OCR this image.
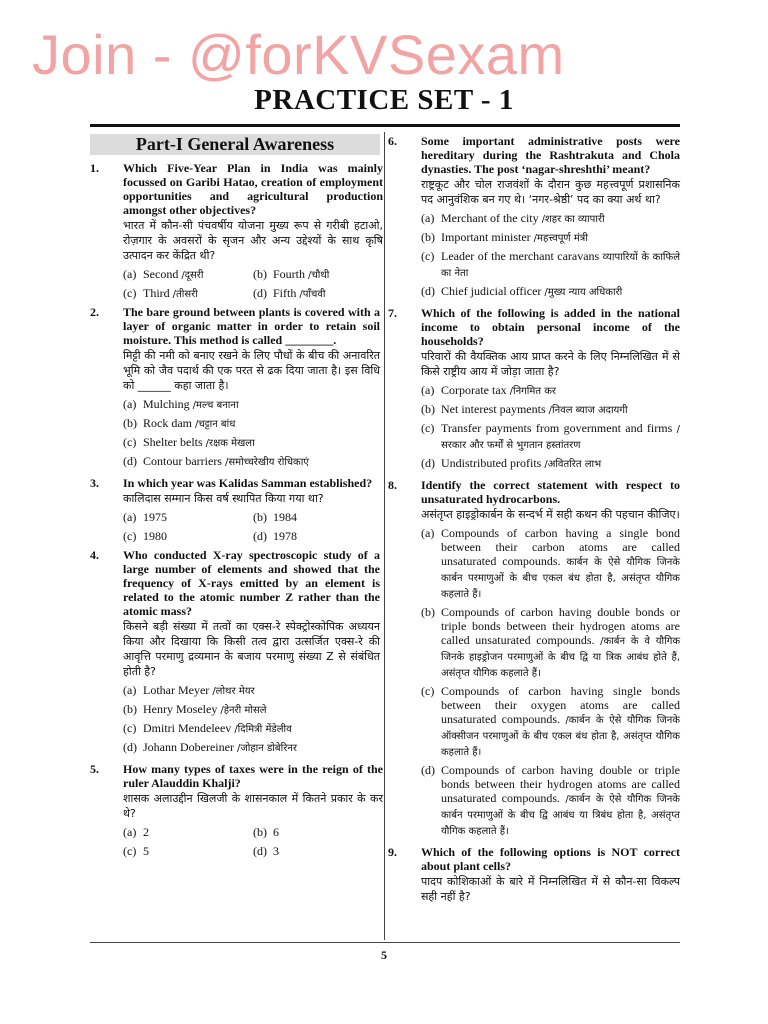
Join - @forKVSexam
PRACTICE SET - 1
Part-I General Awareness
1.	Which Five-Year Plan in India was mainly focussed on Garibi Hatao, creation of employment opportunities and agricultural production amongst other objectives?
भारत में कौन-सी पंचवर्षीय योजना मुख्य रूप से गरीबी हटाओ, रोज़गार के अवसरों के सृजन और अन्य उद्देश्यों के साथ कृषि उत्पादन कर केंद्रित थी?
(a) Second /दूसरी	(b) Fourth /चौथी
(c) Third /तीसरी	(d) Fifth /पाँचवी
2.	The bare ground between plants is covered with a layer of organic matter in order to retain soil moisture. This method is called ________.
मिट्टी की नमी को बनाए रखने के लिए पौधों के बीच की अनावरित भूमि को जैव पदार्थ की एक परत से ढक दिया जाता है। इस विधि को ______ कहा जाता है।
(a) Mulching /मल्च बनाना
(b) Rock dam /चट्टान बांध
(c) Shelter belts /रक्षक मेखला
(d) Contour barriers /समोच्चरेखीय रोधिकाएं
3.	In which year was Kalidas Samman established?
कालिदास सम्मान किस वर्ष स्थापित किया गया था?
(a) 1975	(b) 1984
(c) 1980	(d) 1978
4.	Who conducted X-ray spectroscopic study of a large number of elements and showed that the frequency of X-rays emitted by an element is related to the atomic number Z rather than the atomic mass?
किसने बड़ी संख्या में तत्वों का एक्स-रे स्पेक्ट्रोस्कोपिक अध्ययन किया और दिखाया कि किसी तत्व द्वारा उत्सर्जित एक्स-रे की आवृत्ति परमाणु द्रव्यमान के बजाय परमाणु संख्या Z से संबंधित होती है?
(a) Lothar Meyer /लोथर मेयर
(b) Henry Moseley /हेनरी मोसले
(c) Dmitri Mendeleev /दिमित्री मेंडेलीव
(d) Johann Dobereiner /जोहान डोबेरिनर
5.	How many types of taxes were in the reign of the ruler Alauddin Khalji?
शासक अलाउद्दीन खिलजी के शासनकाल में कितने प्रकार के कर थे?
(a) 2	(b) 6
(c) 5	(d) 3
6.	Some important administrative posts were hereditary during the Rashtrakuta and Chola dynasties. The post ‘nagar-shreshthi’ meant?
राष्ट्रकूट और चोल राजवंशों के दौरान कुछ महत्त्वपूर्ण प्रशासनिक पद आनुवंशिक बन गए थे। ‘नगर-श्रेष्ठी’ पद का क्या अर्थ था?
(a) Merchant of the city /शहर का व्यापारी
(b) Important minister /महत्त्वपूर्ण मंत्री
(c) Leader of the merchant caravans व्यापारियों के काफिले का नेता
(d) Chief judicial officer /मुख्य न्याय अधिकारी
7.	Which of the following is added in the national income to obtain personal income of the households?
परिवारों की वैयक्तिक आय प्राप्त करने के लिए निम्नलिखित में से किसे राष्ट्रीय आय में जोड़ा जाता है?
(a) Corporate tax /निगमित कर
(b) Net interest payments /निवल ब्याज अदायगी
(c) Transfer payments from government and firms /सरकार और फर्मों से भुगतान हस्तांतरण
(d) Undistributed profits /अवितरित लाभ
8.	Identify the correct statement with respect to unsaturated hydrocarbons.
असंतृप्त हाइड्रोकार्बन के सन्दर्भ में सही कथन की पहचान कीजिए।
(a) Compounds of carbon having a single bond between their carbon atoms are called unsaturated compounds. कार्बन के ऐसे यौगिक जिनके कार्बन परमाणुओं के बीच एकल बंध होता है, असंतृप्त यौगिक कहलाते हैं।
(b) Compounds of carbon having double bonds or triple bonds between their hydrogen atoms are called unsaturated compounds. /कार्बन के वे यौगिक जिनके हाइड्रोजन परमाणुओं के बीच द्वि या त्रिक आबंध होते हैं, असंतृप्त यौगिक कहलाते हैं।
(c) Compounds of carbon having single bonds between their oxygen atoms are called unsaturated compounds. /कार्बन के ऐसे यौगिक जिनके ऑक्सीजन परमाणुओं के बीच एकल बंध होता है, असंतृप्त यौगिक कहलाते हैं।
(d) Compounds of carbon having double or triple bonds between their hydrogen atoms are called unsaturated compounds. /कार्बन के ऐसे यौगिक जिनके कार्बन परमाणुओं के बीच द्वि आबंध या त्रिबंध होता है, असंतृप्त यौगिक कहलाते हैं।
9.	Which of the following options is NOT correct about plant cells?
पादप कोशिकाओं के बारे में निम्नलिखित में से कौन-सा विकल्प सही नहीं है?
5
